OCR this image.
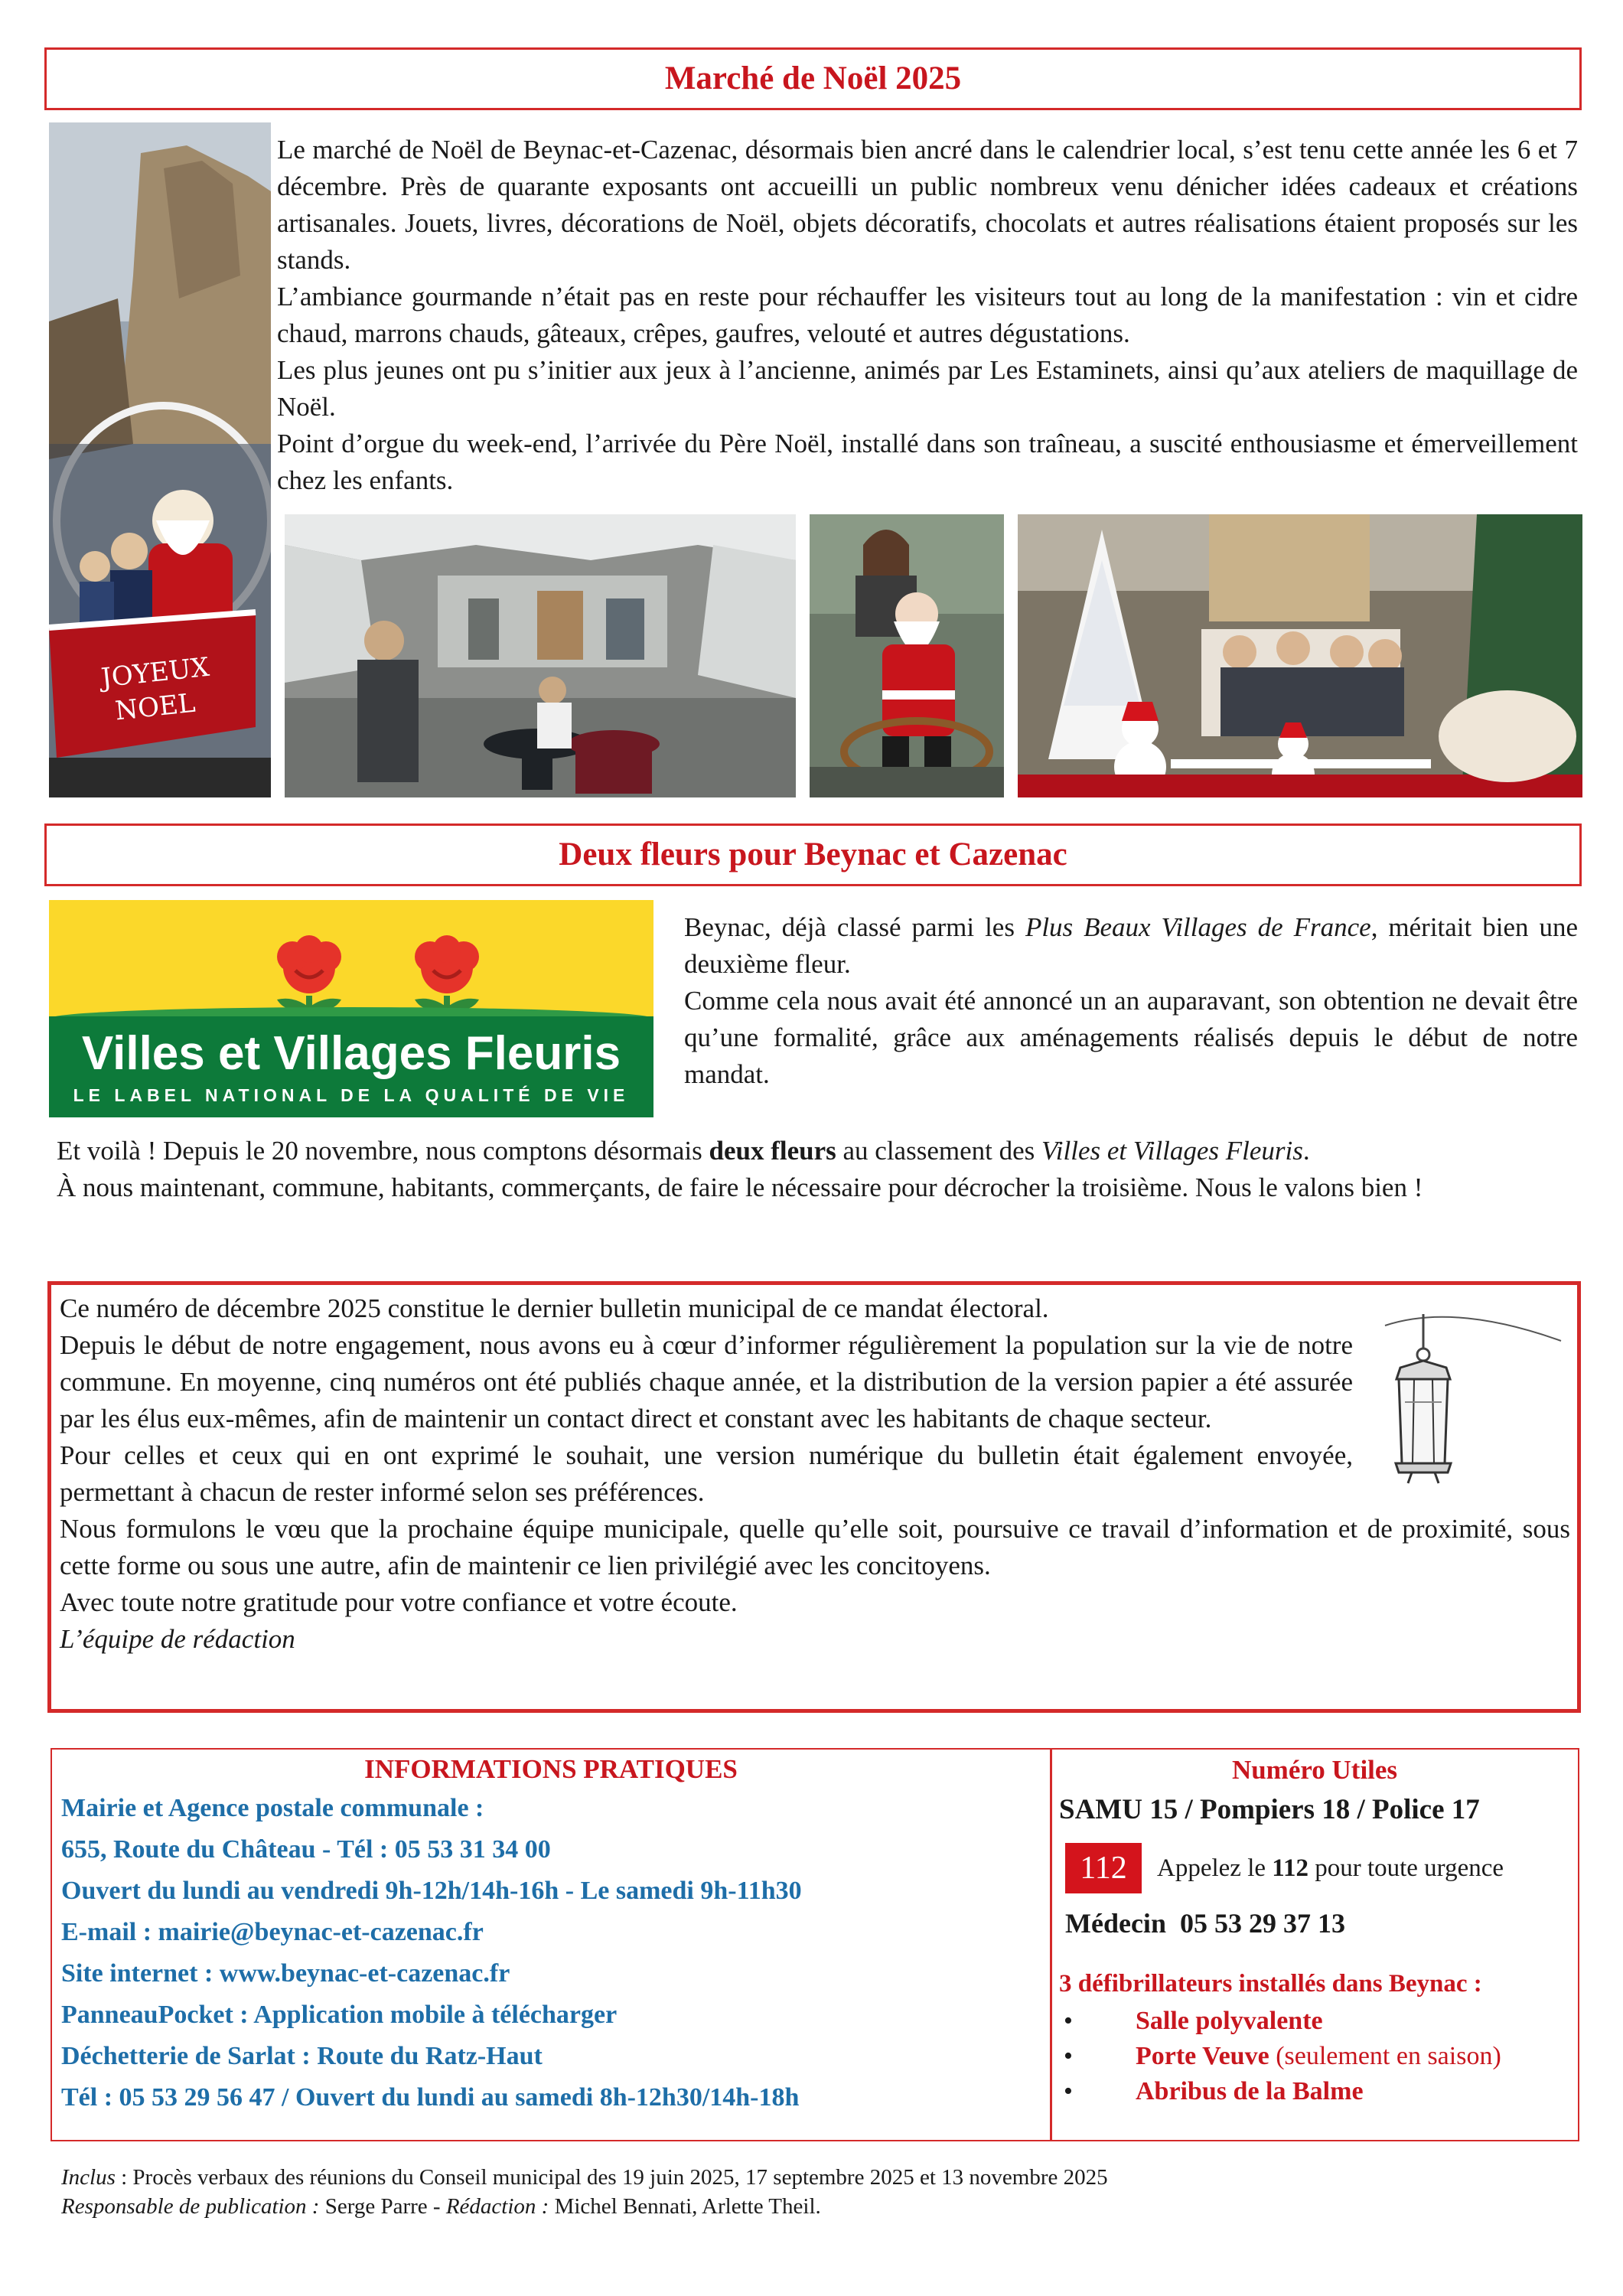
Marché de Noël 2025
JOYEUX
NOEL

Le marché de Noël de Beynac-et-Cazenac, désormais bien ancré dans le calendrier local, s’est tenu cette année les 6 et 7 décembre. Près de quarante exposants ont accueilli un public nombreux venu dénicher idées cadeaux et créations artisanales. Jouets, livres, décorations de Noël, objets décoratifs, chocolats et autres réalisations étaient proposés sur les stands.

L’ambiance gourmande n’était pas en reste pour réchauffer les visiteurs tout au long de la manifestation : vin et cidre chaud, marrons chauds, gâteaux, crêpes, gaufres, velouté et autres dégustations.

Les plus jeunes ont pu s’initier aux jeux à l’ancienne, animés par Les Estaminets, ainsi qu’aux ateliers de maquillage de Noël.

Point d’orgue du week-end, l’arrivée du Père Noël, installé dans son traîneau, a suscité enthousiasme et émerveillement chez les enfants.

Deux fleurs pour Beynac et Cazenac
Villes et Villages Fleuris
LE LABEL NATIONAL DE LA QUALITÉ DE VIE

Beynac, déjà classé parmi les Plus Beaux Villages de France, méritait bien une deuxième fleur.

Comme cela nous avait été annoncé un an auparavant, son obtention ne devait être qu’une formalité, grâce aux aménagements réalisés depuis le début de notre mandat.

Et voilà ! Depuis le 20 novembre, nous comptons désormais deux fleurs au classement des Villes et Villages Fleuris.

À nous maintenant, commune, habitants, commerçants, de faire le nécessaire pour décrocher la troisième. Nous le valons bien !

Ce numéro de décembre 2025 constitue le dernier bulletin municipal de ce mandat électoral.
Depuis le début de notre engagement, nous avons eu à cœur d’informer régulièrement la population sur la vie de notre commune. En moyenne, cinq numéros ont été publiés chaque année, et la distribution de la version papier a été assurée par les élus eux-mêmes, afin de maintenir un contact direct et constant avec les habitants de chaque secteur.
Pour celles et ceux qui en ont exprimé le souhait, une version numérique du bulletin était également envoyée, permettant à chacun de rester informé selon ses préférences.
Nous formulons le vœu que la prochaine équipe municipale, quelle qu’elle soit, poursuive ce travail d’information et de proximité, sous cette forme ou sous une autre, afin de maintenir ce lien privilégié avec les concitoyens.
Avec toute notre gratitude pour votre confiance et votre écoute.
L’équipe de rédaction
INFORMATIONS PRATIQUES
Mairie et Agence postale communale :
655, Route du Château - Tél : 05 53 31 34 00
Ouvert du lundi au vendredi 9h-12h/14h-16h - Le samedi 9h-11h30
E-mail : mairie@beynac-et-cazenac.fr
Site internet : www.beynac-et-cazenac.fr
PanneauPocket : Application mobile à télécharger
Déchetterie de Sarlat : Route du Ratz-Haut
Tél : 05 53 29 56 47 / Ouvert du lundi au samedi 8h-12h30/14h-18h
Numéro Utiles
SAMU 15 / Pompiers 18 / Police 17
112	Appelez le 112 pour toute urgence
Médecin  05 53 29 37 13
3 défibrillateurs installés dans Beynac :
• Salle polyvalente
• Porte Veuve (seulement en saison)
• Abribus de la Balme
Inclus : Procès verbaux des réunions du Conseil municipal des 19 juin 2025, 17 septembre 2025 et 13 novembre 2025
Responsable de publication : Serge Parre - Rédaction : Michel Bennati, Arlette Theil.
